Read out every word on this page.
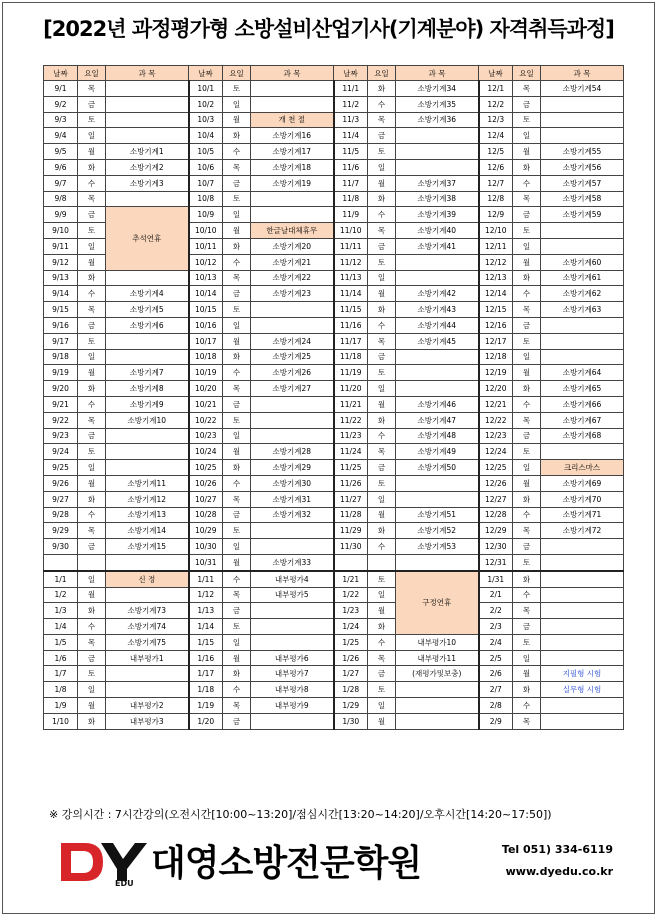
[2022년 과정평가형 소방설비산업기사(기계분야) 자격취득과정]
날짜	요일	과 목	날짜	요일	과 목	날짜	요일	과 목	날짜	요일	과 목
9/1	목		10/1	토		11/1	화	소방기계34	12/1	목	소방기계54
9/2	금		10/2	일		11/2	수	소방기계35	12/2	금	
9/3	토		10/3	월	개 천 절	11/3	목	소방기계36	12/3	토	
9/4	일		10/4	화	소방기계16	11/4	금		12/4	일	
9/5	월	소방기계1	10/5	수	소방기계17	11/5	토		12/5	월	소방기계55
9/6	화	소방기계2	10/6	목	소방기계18	11/6	일		12/6	화	소방기계56
9/7	수	소방기계3	10/7	금	소방기계19	11/7	월	소방기계37	12/7	수	소방기계57
9/8	목		10/8	토		11/8	화	소방기계38	12/8	목	소방기계58
9/9	금	추석연휴	10/9	일		11/9	수	소방기계39	12/9	금	소방기계59
9/10	토		10/10	월	한글날대체휴무	11/10	목	소방기계40	12/10	토	
9/11	일		10/11	화	소방기계20	11/11	금	소방기계41	12/11	일	
9/12	월		10/12	수	소방기계21	11/12	토		12/12	월	소방기계60
9/13	화		10/13	목	소방기계22	11/13	일		12/13	화	소방기계61
9/14	수	소방기계4	10/14	금	소방기계23	11/14	월	소방기계42	12/14	수	소방기계62
9/15	목	소방기계5	10/15	토		11/15	화	소방기계43	12/15	목	소방기계63
9/16	금	소방기계6	10/16	일		11/16	수	소방기계44	12/16	금	
9/17	토		10/17	월	소방기계24	11/17	목	소방기계45	12/17	토	
9/18	일		10/18	화	소방기계25	11/18	금		12/18	일	
9/19	월	소방기계7	10/19	수	소방기계26	11/19	토		12/19	월	소방기계64
9/20	화	소방기계8	10/20	목	소방기계27	11/20	일		12/20	화	소방기계65
9/21	수	소방기계9	10/21	금		11/21	월	소방기계46	12/21	수	소방기계66
9/22	목	소방기계10	10/22	토		11/22	화	소방기계47	12/22	목	소방기계67
9/23	금		10/23	일		11/23	수	소방기계48	12/23	금	소방기계68
9/24	토		10/24	월	소방기계28	11/24	목	소방기계49	12/24	토	
9/25	일		10/25	화	소방기계29	11/25	금	소방기계50	12/25	일	크리스마스
9/26	월	소방기계11	10/26	수	소방기계30	11/26	토		12/26	월	소방기계69
9/27	화	소방기계12	10/27	목	소방기계31	11/27	일		12/27	화	소방기계70
9/28	수	소방기계13	10/28	금	소방기계32	11/28	월	소방기계51	12/28	수	소방기계71
9/29	목	소방기계14	10/29	토		11/29	화	소방기계52	12/29	목	소방기계72
9/30	금	소방기계15	10/30	일		11/30	수	소방기계53	12/30	금	
			10/31	월	소방기계33				12/31	토	
1/1	일	신 정	1/11	수	내부평가4	1/21	토	구정연휴	1/31	화	
1/2	월		1/12	목	내부평가5	1/22	일		2/1	수	
1/3	화	소방기계73	1/13	금		1/23	월		2/2	목	
1/4	수	소방기계74	1/14	토		1/24	화		2/3	금	
1/5	목	소방기계75	1/15	일		1/25	수	내부평가10	2/4	토	
1/6	금	내부평가1	1/16	월	내부평가6	1/26	목	내부평가11	2/5	일	
1/7	토		1/17	화	내부평가7	1/27	금	(재평가및보충)	2/6	월	지필형 시험
1/8	일		1/18	수	내부평가8	1/28	토		2/7	화	실무형 시험
1/9	월	내부평가2	1/19	목	내부평가9	1/29	일		2/8	수	
1/10	화	내부평가3	1/20	금		1/30	월		2/9	목	
※ 강의시간 : 7시간강의(오전시간[10:00~13:20]/점심시간[13:20~14:20]/오후시간[14:20~17:50])
EDU 대영소방전문학원	Tel 051) 334-6119
www.dyedu.co.kr
